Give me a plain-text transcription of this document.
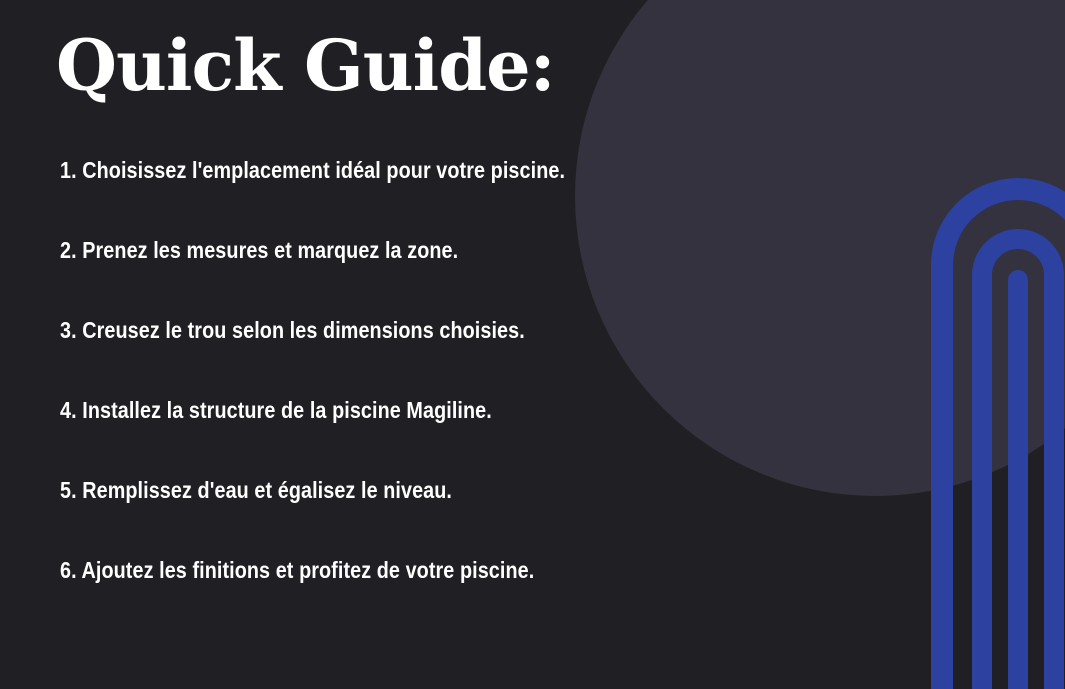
Quick Guide:
1. Choisissez l'emplacement idéal pour votre piscine.
2. Prenez les mesures et marquez la zone.
3. Creusez le trou selon les dimensions choisies.
4. Installez la structure de la piscine Magiline.
5. Remplissez d'eau et égalisez le niveau.
6. Ajoutez les finitions et profitez de votre piscine.
